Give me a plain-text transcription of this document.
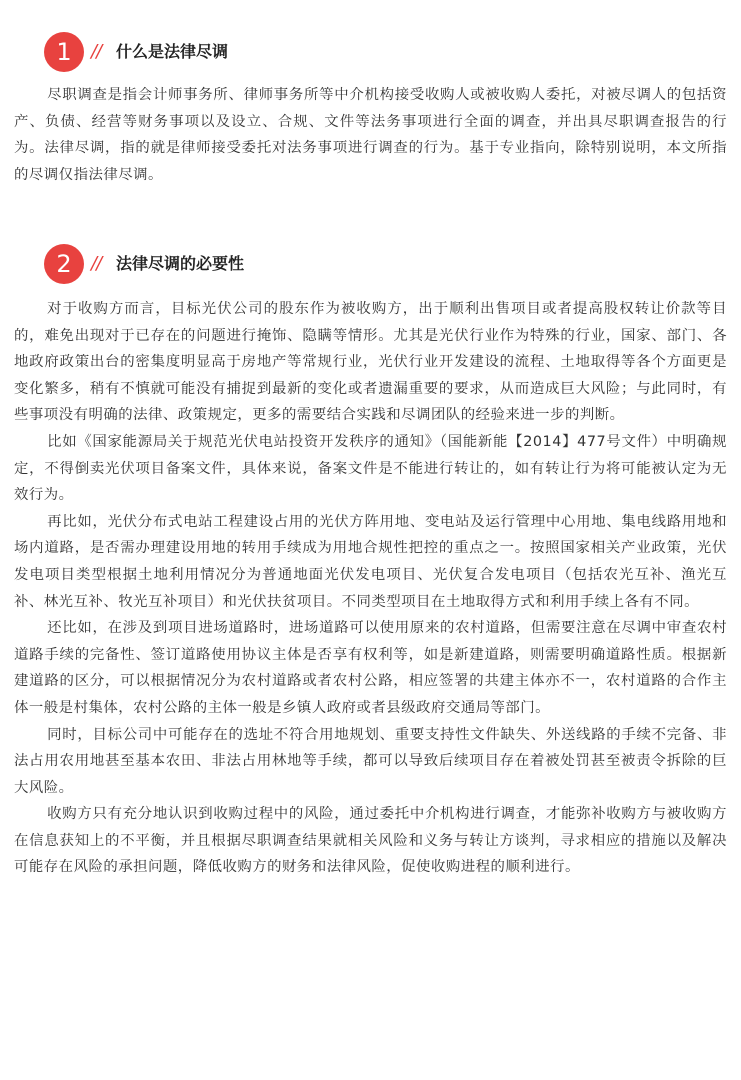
1	// 什么是法律尽调

尽职调查是指会计师事务所、律师事务所等中介机构接受收购人或被收购人委托，对被尽调人的包括资产、负债、经营等财务事项以及设立、合规、文件等法务事项进行全面的调查，并出具尽职调查报告的行为。法律尽调，指的就是律师接受委托对法务事项进行调查的行为。基于专业指向，除特别说明，本文所指的尽调仅指法律尽调。

2	// 法律尽调的必要性

对于收购方而言，目标光伏公司的股东作为被收购方，出于顺利出售项目或者提高股权转让价款等目的，难免出现对于已存在的问题进行掩饰、隐瞒等情形。尤其是光伏行业作为特殊的行业，国家、部门、各地政府政策出台的密集度明显高于房地产等常规行业，光伏行业开发建设的流程、土地取得等各个方面更是变化繁多，稍有不慎就可能没有捕捉到最新的变化或者遗漏重要的要求，从而造成巨大风险；与此同时，有些事项没有明确的法律、政策规定，更多的需要结合实践和尽调团队的经验来进一步的判断。

比如《国家能源局关于规范光伏电站投资开发秩序的通知》（国能新能【2014】477号文件）中明确规定，不得倒卖光伏项目备案文件，具体来说，备案文件是不能进行转让的，如有转让行为将可能被认定为无效行为。

再比如，光伏分布式电站工程建设占用的光伏方阵用地、变电站及运行管理中心用地、集电线路用地和场内道路，是否需办理建设用地的转用手续成为用地合规性把控的重点之一。按照国家相关产业政策，光伏发电项目类型根据土地利用情况分为普通地面光伏发电项目、光伏复合发电项目（包括农光互补、渔光互补、林光互补、牧光互补项目）和光伏扶贫项目。不同类型项目在土地取得方式和利用手续上各有不同。

还比如，在涉及到项目进场道路时，进场道路可以使用原来的农村道路，但需要注意在尽调中审查农村道路手续的完备性、签订道路使用协议主体是否享有权利等，如是新建道路，则需要明确道路性质。根据新建道路的区分，可以根据情况分为农村道路或者农村公路，相应签署的共建主体亦不一，农村道路的合作主体一般是村集体，农村公路的主体一般是乡镇人政府或者县级政府交通局等部门。

同时，目标公司中可能存在的选址不符合用地规划、重要支持性文件缺失、外送线路的手续不完备、非法占用农用地甚至基本农田、非法占用林地等手续，都可以导致后续项目存在着被处罚甚至被责令拆除的巨大风险。

收购方只有充分地认识到收购过程中的风险，通过委托中介机构进行调查，才能弥补收购方与被收购方在信息获知上的不平衡，并且根据尽职调查结果就相关风险和义务与转让方谈判，寻求相应的措施以及解决可能存在风险的承担问题，降低收购方的财务和法律风险，促使收购进程的顺利进行。
